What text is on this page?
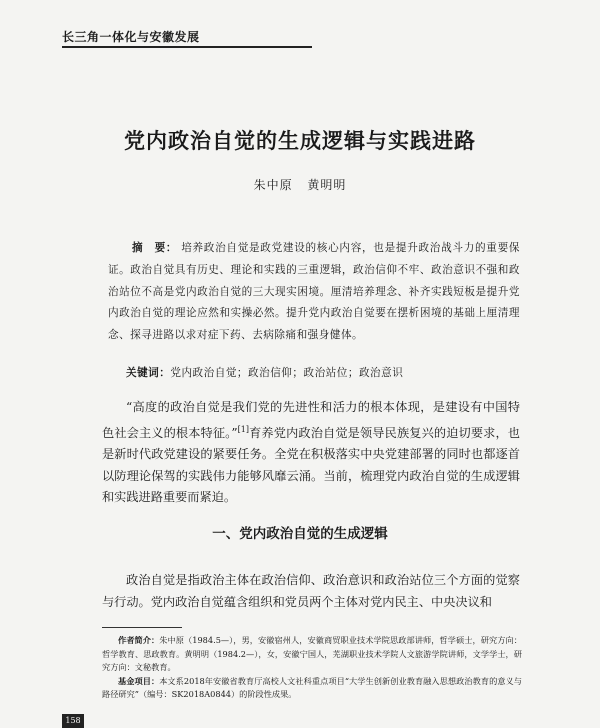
长三角一体化与安徽发展
党内政治自觉的生成逻辑与实践进路
朱中原 黄明明
摘　要： 培养政治自觉是政党建设的核心内容，也是提升政治战斗力的重要保证。政治自觉具有历史、理论和实践的三重逻辑，政治信仰不牢、政治意识不强和政治站位不高是党内政治自觉的三大现实困境。厘清培养理念、补齐实践短板是提升党内政治自觉的理论应然和实操必然。提升党内政治自觉要在摆析困境的基础上厘清理念、探寻进路以求对症下药、去病除痛和强身健体。
关键词：党内政治自觉；政治信仰；政治站位；政治意识
“高度的政治自觉是我们党的先进性和活力的根本体现，是建设有中国特色社会主义的根本特征。”[1]育养党内政治自觉是领导民族复兴的迫切要求，也是新时代政党建设的紧要任务。全党在积极落实中央党建部署的同时也都逐首以防理论保驾的实践伟力能够风靡云涌。当前，梳理党内政治自觉的生成逻辑和实践进路重要而紧迫。
一、党内政治自觉的生成逻辑
政治自觉是指政治主体在政治信仰、政治意识和政治站位三个方面的觉察与行动。党内政治自觉蕴含组织和党员两个主体对党内民主、中央决议和
作者简介：朱中原（1984.5—），男，安徽宿州人，安徽商贸职业技术学院思政部讲师，哲学硕士，研究方向：哲学教育、思政教育。黄明明（1984.2—），女，安徽宁国人，芜湖职业技术学院人文旅游学院讲师，文学学士，研究方向：文秘教育。
基金项目：本文系2018年安徽省教育厅高校人文社科重点项目“大学生创新创业教育融入思想政治教育的意义与路径研究”（编号：SK2018A0844）的阶段性成果。
158
